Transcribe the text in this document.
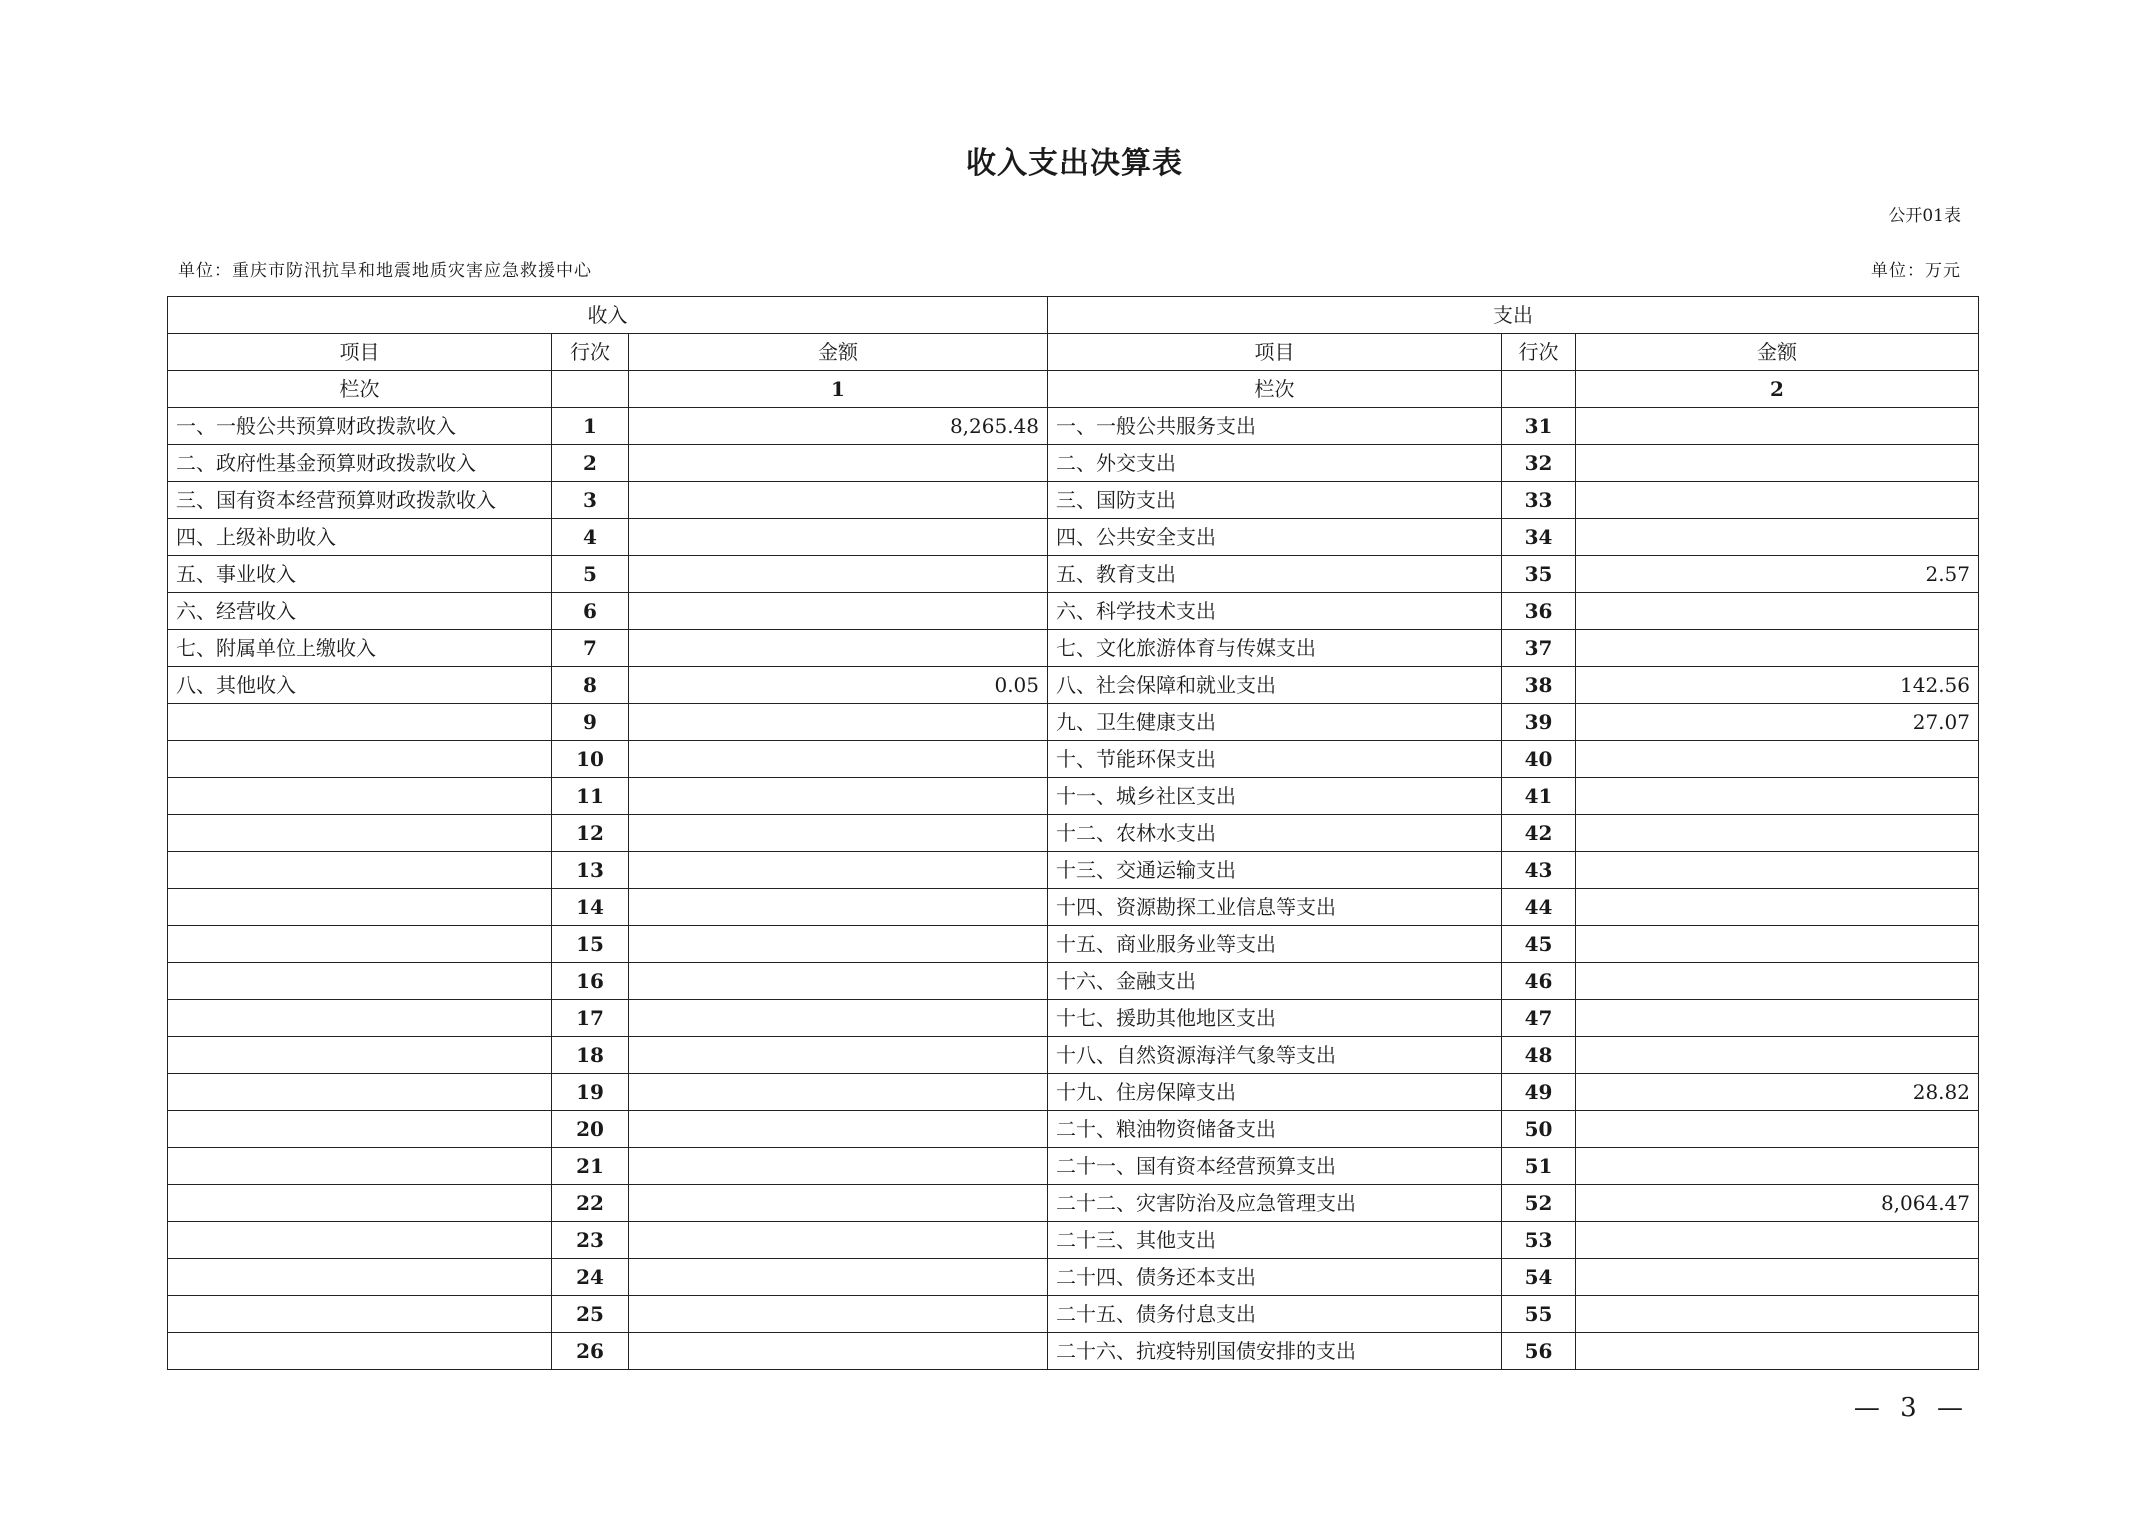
收入支出决算表
公开01表
单位：重庆市防汛抗旱和地震地质灾害应急救援中心	单位：万元
收入			支出		
项目	行次	金额	项目	行次	金额
栏次		1	栏次		2
一、一般公共预算财政拨款收入	1	8,265.48	一、一般公共服务支出	31	
二、政府性基金预算财政拨款收入	2		二、外交支出	32	
三、国有资本经营预算财政拨款收入	3		三、国防支出	33	
四、上级补助收入	4		四、公共安全支出	34	
五、事业收入	5		五、教育支出	35	2.57
六、经营收入	6		六、科学技术支出	36	
七、附属单位上缴收入	7		七、文化旅游体育与传媒支出	37	
八、其他收入	8	0.05	八、社会保障和就业支出	38	142.56
	9		九、卫生健康支出	39	27.07
	10		十、节能环保支出	40	
	11		十一、城乡社区支出	41	
	12		十二、农林水支出	42	
	13		十三、交通运输支出	43	
	14		十四、资源勘探工业信息等支出	44	
	15		十五、商业服务业等支出	45	
	16		十六、金融支出	46	
	17		十七、援助其他地区支出	47	
	18		十八、自然资源海洋气象等支出	48	
	19		十九、住房保障支出	49	28.82
	20		二十、粮油物资储备支出	50	
	21		二十一、国有资本经营预算支出	51	
	22		二十二、灾害防治及应急管理支出	52	8,064.47
	23		二十三、其他支出	53	
	24		二十四、债务还本支出	54	
	25		二十五、债务付息支出	55	
	26		二十六、抗疫特别国债安排的支出	56	
— 3 —
